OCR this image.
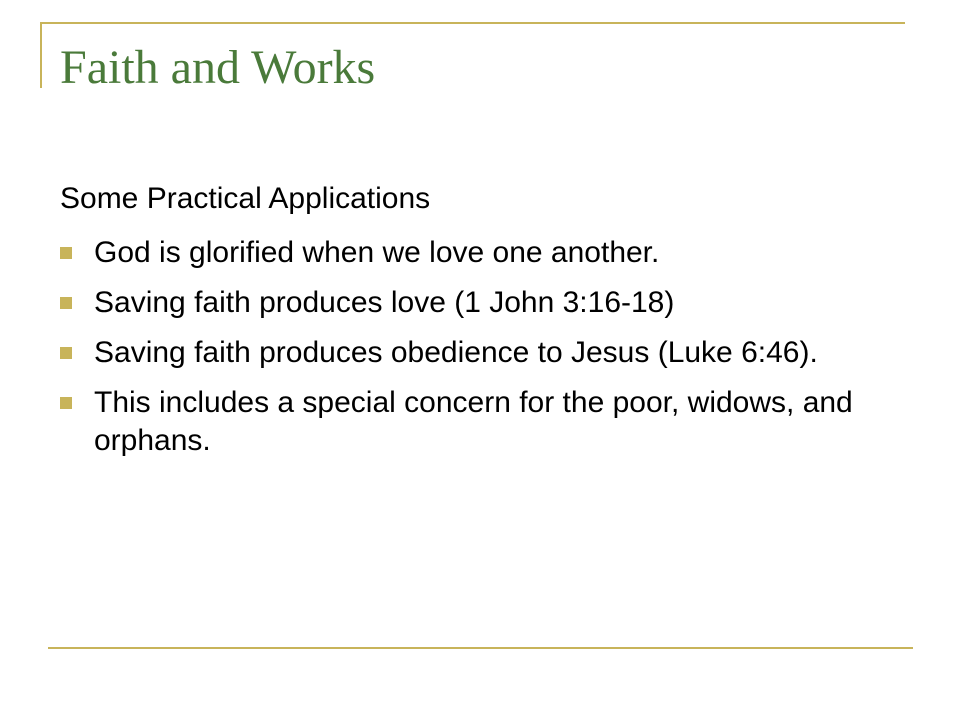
Faith and Works

Some Practical Applications

God is glorified when we love one another.
Saving faith produces love (1 John 3:16-18)
Saving faith produces obedience to Jesus (Luke 6:46).
This includes a special concern for the poor, widows, and orphans.
